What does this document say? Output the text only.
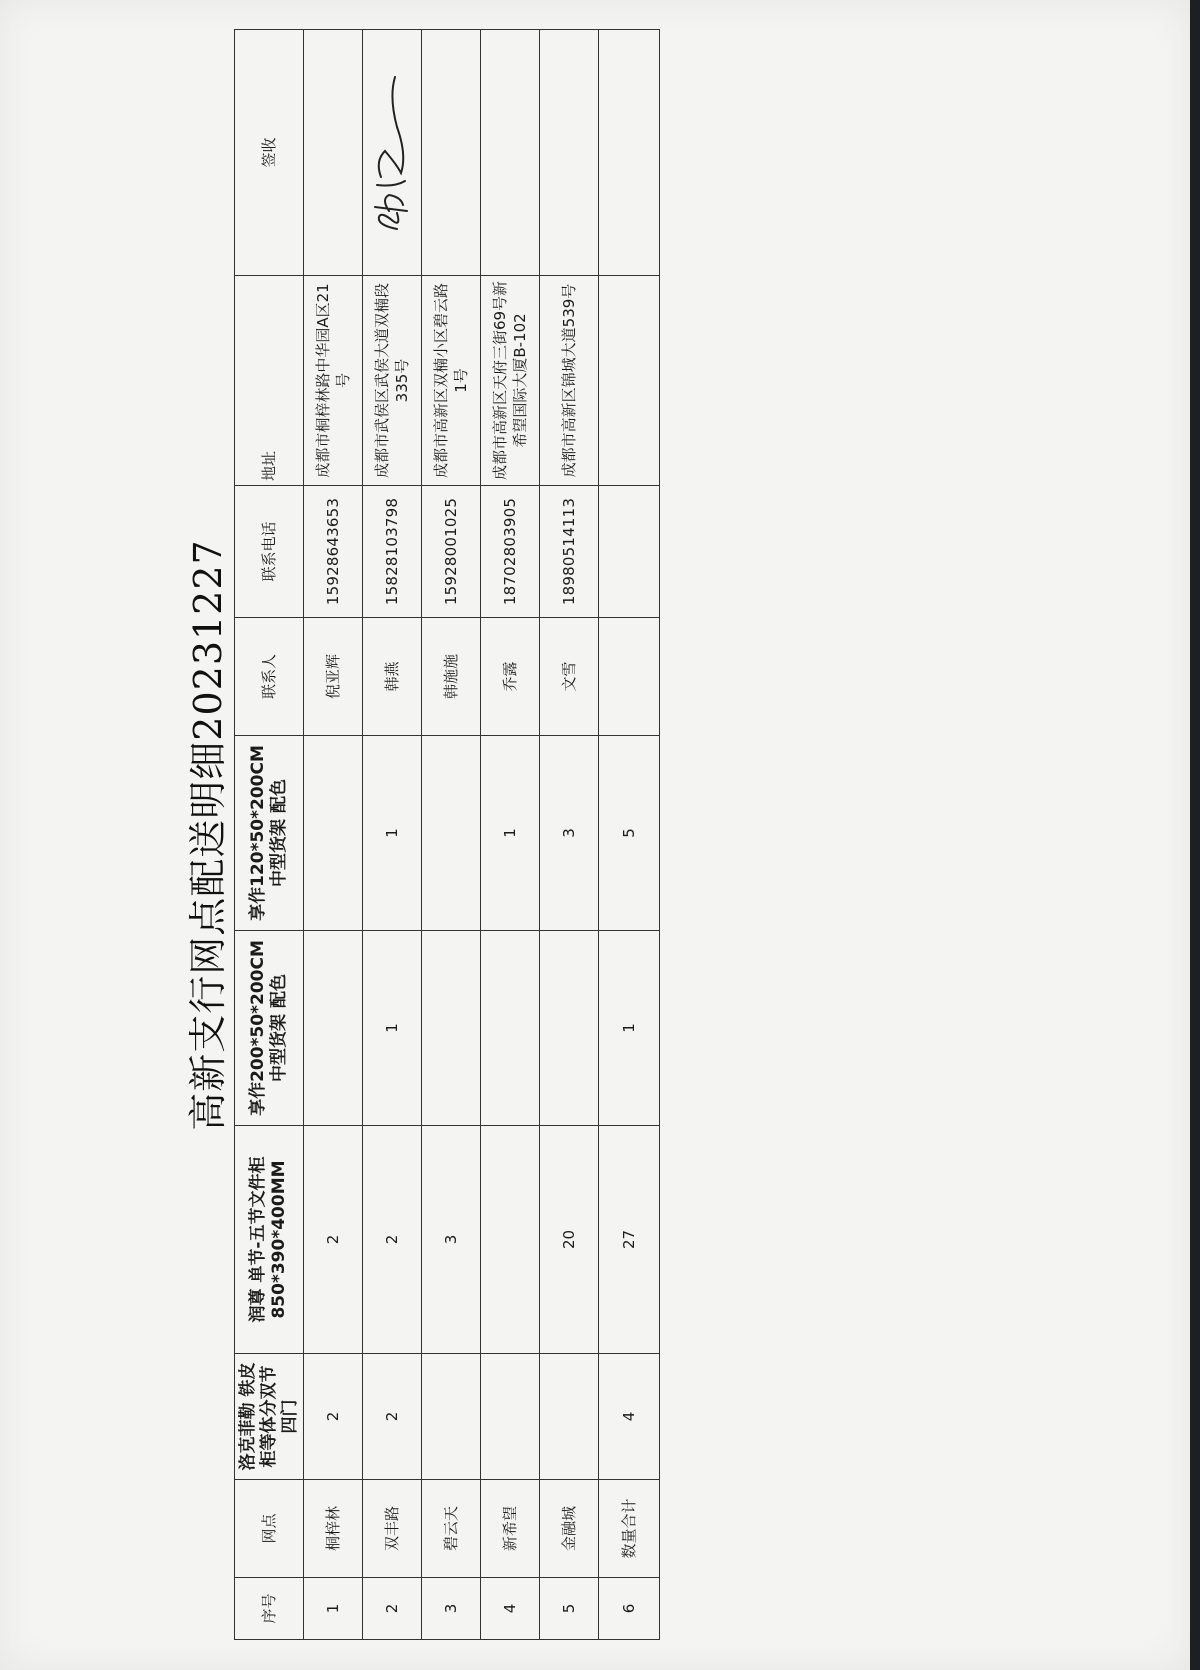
高新支行网点配送明细20231227
序号	网点	洛克菲勒 铁皮柜等体分双节四门	润尊 单节-五节文件柜 850*390*400MM	享作200*50*200CM 中型货架 配色	享作120*50*200CM 中型货架 配色	联系人	联系电话	地址	签收
1	桐梓林	2	2			倪亚辉	15928643653	成都市桐梓林路中华园A区21号	
2	双丰路	2	2	1	1	韩燕	15828103798	成都市武侯区武侯大道双楠段335号	
3	碧云天		3			韩施施	15928001025	成都市高新区双楠小区碧云路1号	
4	新希望				1	乔露	18702803905	成都市高新区天府三街69号新希望国际大厦B-102	
5	金融城		20		3	文雪	18980514113	成都市高新区锦城大道539号	
6	数量合计	4	27	1	5				
